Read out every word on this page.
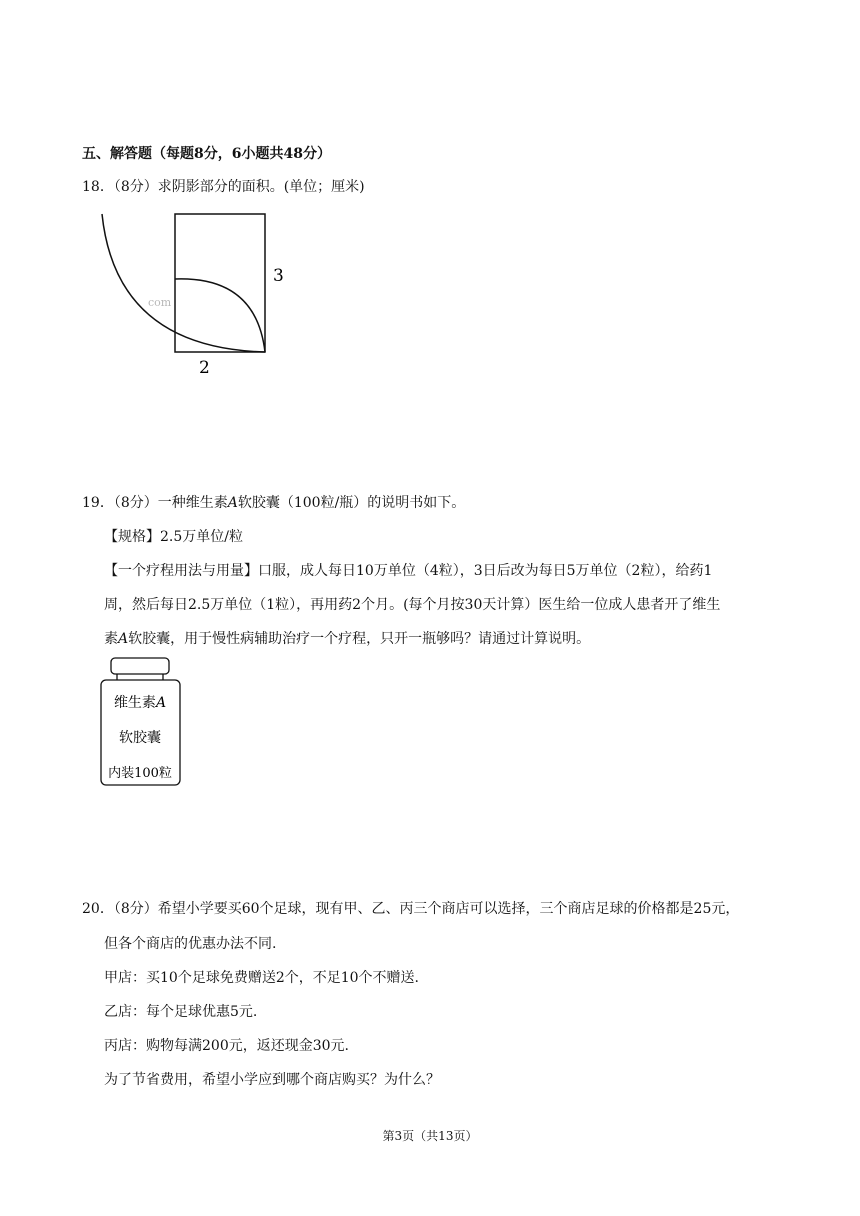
五、解答题（每题8分，6小题共48分）
18．（8分）求阴影部分的面积。(单位；厘米)
3
2
com
19．（8分）一种维生素A软胶囊（100粒/瓶）的说明书如下。
【规格】2.5万单位/粒
【一个疗程用法与用量】口服，成人每日10万单位（4粒），3日后改为每日5万单位（2粒），给药1
周，然后每日2.5万单位（1粒），再用药2个月。(每个月按30天计算）医生给一位成人患者开了维生
素A软胶囊，用于慢性病辅助治疗一个疗程，只开一瓶够吗？请通过计算说明。
维生素A
软胶囊
内装100粒
20．（8分）希望小学要买60个足球，现有甲、乙、丙三个商店可以选择，三个商店足球的价格都是25元，
但各个商店的优惠办法不同.
甲店：买10个足球免费赠送2个，不足10个不赠送.
乙店：每个足球优惠5元.
丙店：购物每满200元，返还现金30元.
为了节省费用，希望小学应到哪个商店购买？为什么？
第3页（共13页）
